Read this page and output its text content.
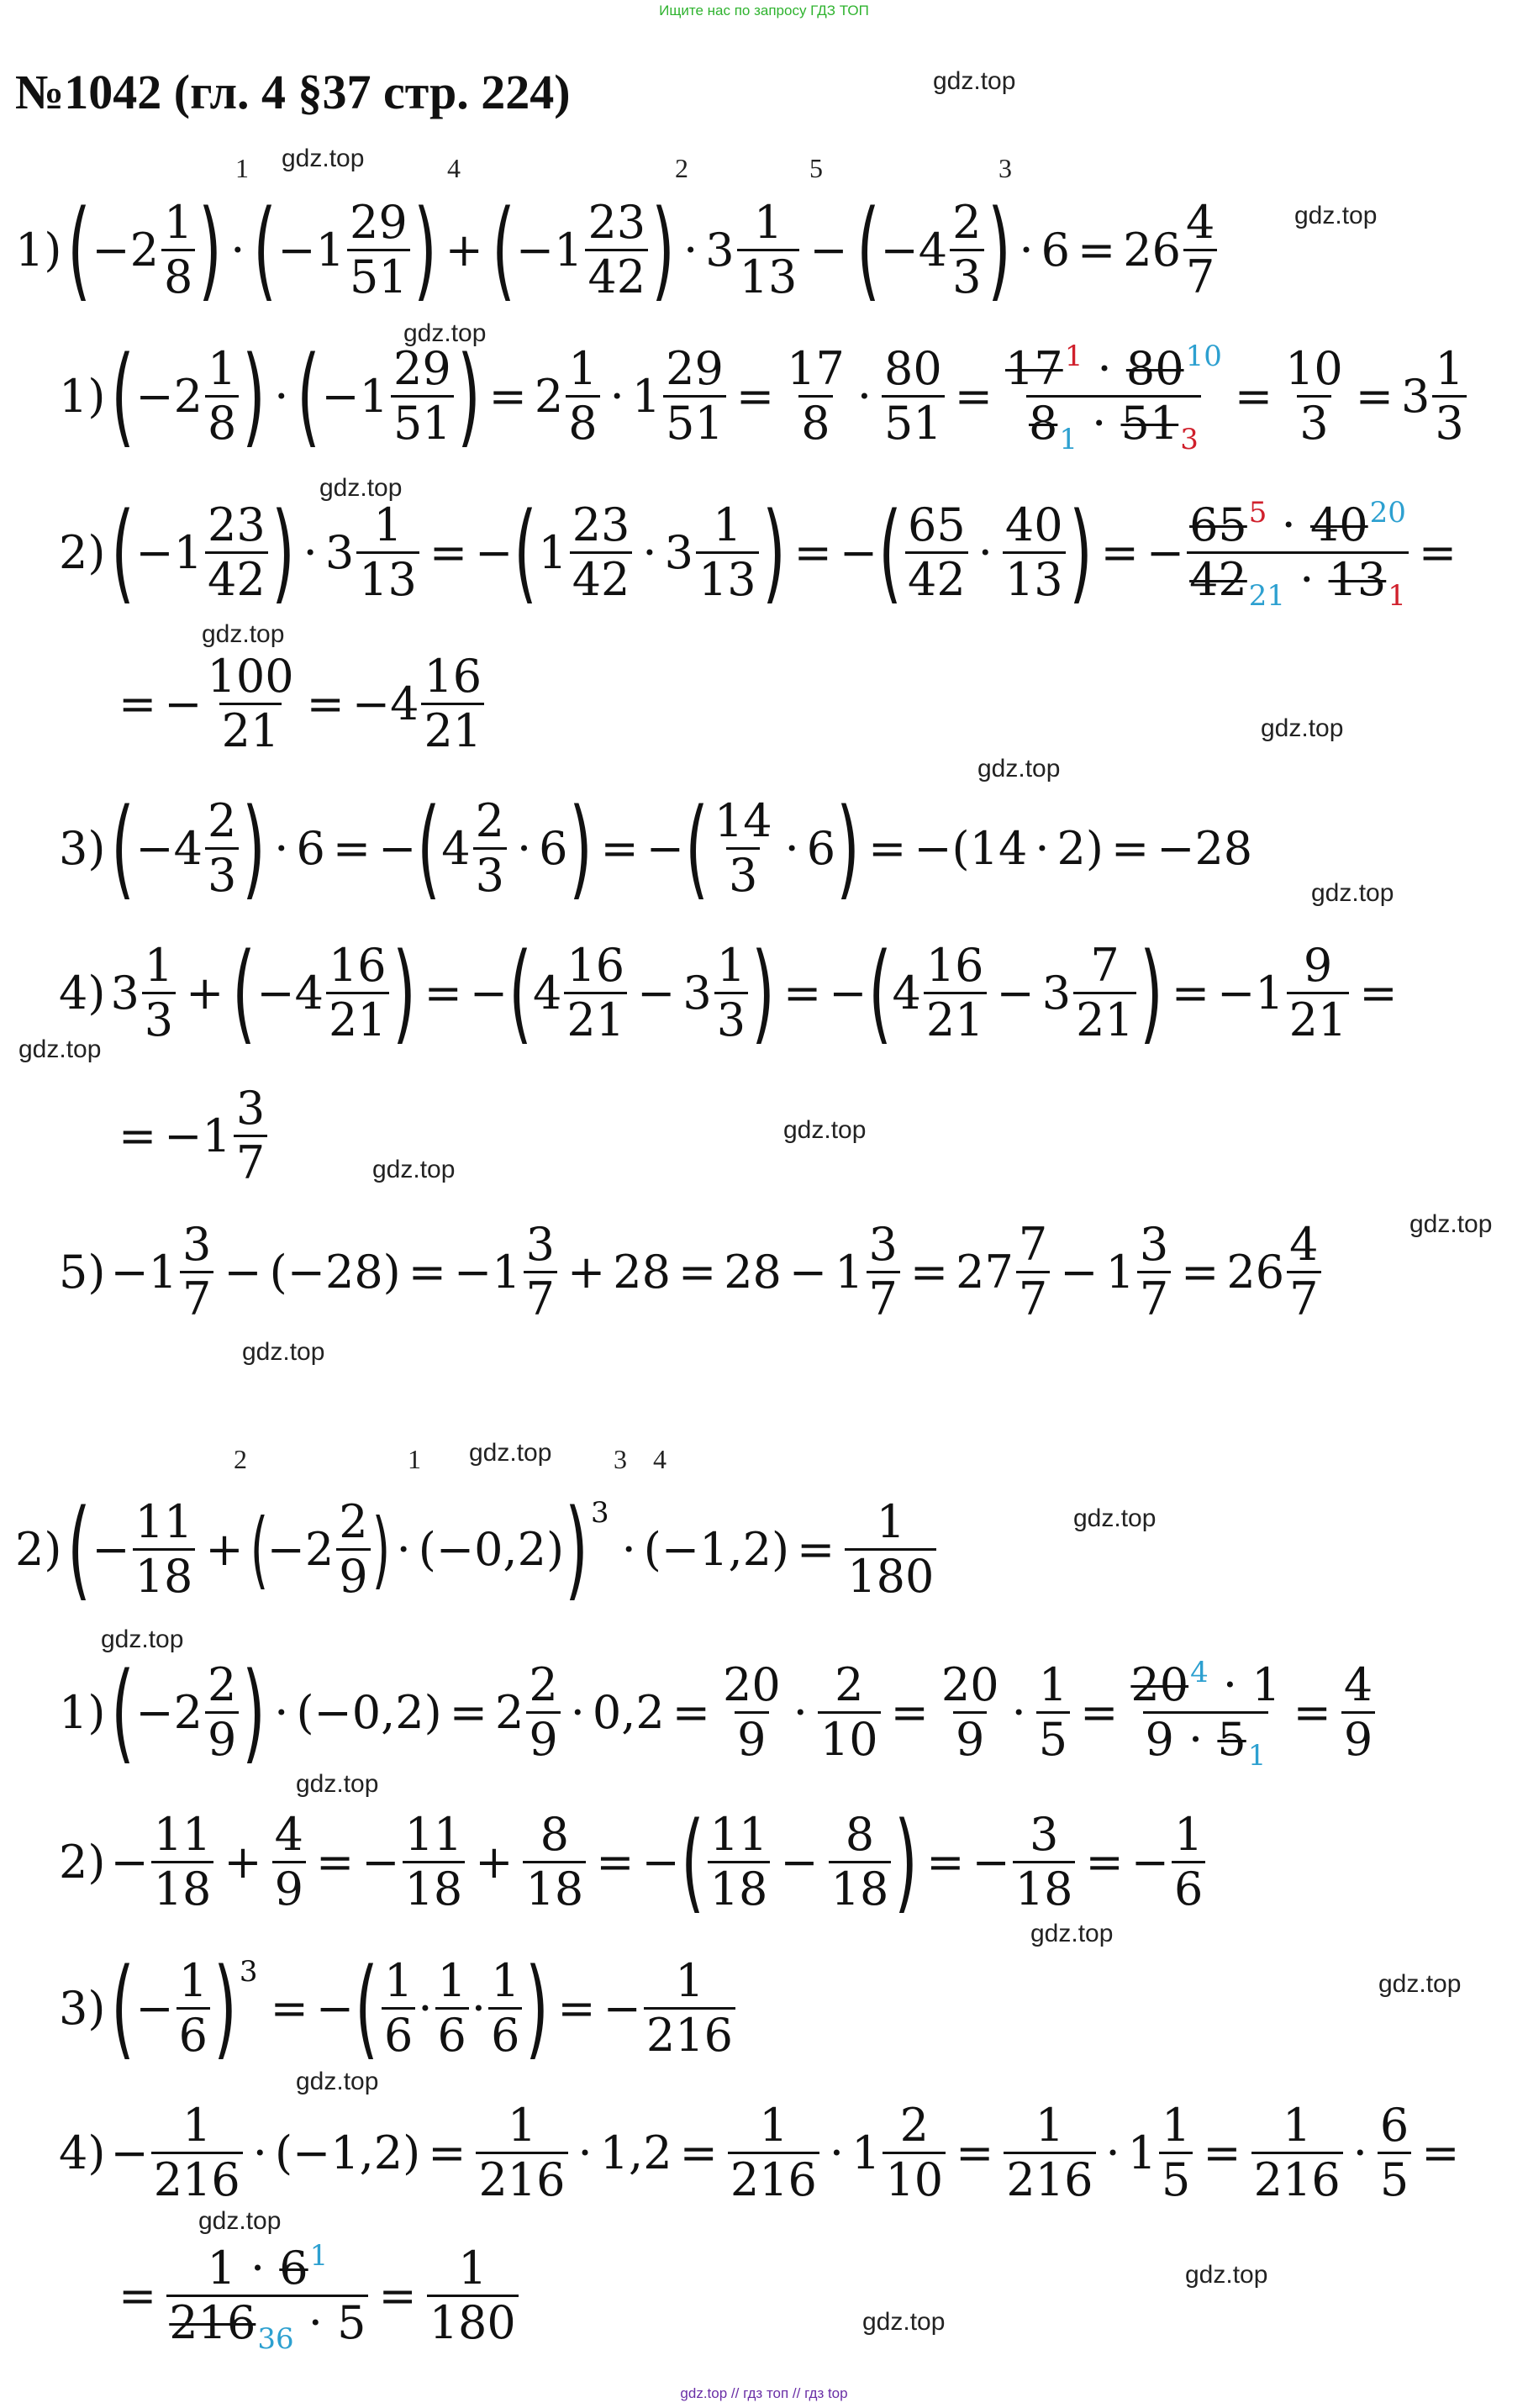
Ищите нас по запросу ГДЗ ТОП
№1042 (гл. 4 §37 стр. 224)	gdz.top
gdz.top
gdz.top
gdz.top
gdz.top
gdz.top
gdz.top
gdz.top
gdz.top
gdz.top
gdz.top
gdz.top
gdz.top
gdz.top
gdz.top
gdz.top
gdz.top
gdz.top
gdz.top
gdz.top
gdz.top
gdz.top
gdz.top
gdz.top
1	4	2	5	3
1) ( $-2 \frac{1}{8}$ ) · ( $-1 \frac{29}{51}$ ) + ( $-1 \frac{23}{42}$ ) · $3 \frac{1}{13}$ − ( $-4 \frac{2}{3}$ ) · $6 = 26 \frac{4}{7}$
1) ( $-2 \frac{1}{8}$ ) · ( $-1 \frac{29}{51}$ ) = $2 \frac{1}{8} \cdot 1 \frac{29}{51} = \frac{17}{8} \cdot \frac{80}{51} = \frac{17^1 \cdot 80^{10}}{8_1 \cdot 51_3} = \frac{10}{3} = 3 \frac{1}{3}$
2) ( $-1 \frac{23}{42}$ ) · $3 \frac{1}{13}$ = − ( $1 \frac{23}{42} \cdot 3 \frac{1}{13}$ ) = − ( $\frac{65}{42} \cdot \frac{40}{13}$ ) = − $\frac{65^5 \cdot 40^{20}}{42_{21} \cdot 13_1}$ =
= − $\frac{100}{21} = -4 \frac{16}{21}$
3) ( $-4 \frac{2}{3}$ ) · 6 = − ( $4 \frac{2}{3} \cdot 6$ ) = − ( $\frac{14}{3} \cdot 6$ ) = −(14 · 2) = −28
4) $3 \frac{1}{3}$ + ( $-4 \frac{16}{21}$ ) = − ( $4 \frac{16}{21} - 3 \frac{1}{3}$ ) = − ( $4 \frac{16}{21} - 3 \frac{7}{21}$ ) = $-1 \frac{9}{21}$ =
= $-1 \frac{3}{7}$
$5) -1 \frac{3}{7} - (-28) = -1 \frac{3}{7} + 28 = 28 - 1 \frac{3}{7} = 27 \frac{7}{7} - 1 \frac{3}{7} = 26 \frac{4}{7}$
2	1	3 4
2) ( − $\frac{11}{18}$ + (
$-2 \frac{2}{9}$ ) · (−0,2) ) 3
· $(-1,2) = \frac{1}{180}$
1) ( $-2 \frac{2}{9}$ ) · $(-0,2) = 2 \frac{2}{9} \cdot 0,2 = \frac{20}{9} \cdot \frac{2}{10} = \frac{20}{9} \cdot \frac{1}{5} = \frac{20^4 \cdot 1}{9 \cdot 5_1} = \frac{4}{9}$
$2) - \frac{11}{18} + \frac{4}{9}$ = − $\frac{11}{18} + \frac{8}{18}$ = − ( $\frac{11}{18} - \frac{8}{18}$ ) = − $\frac{3}{18}$ = − $\frac{1}{6}$
3) ( − $\frac{1}{6}$ ) 3
= − ( $\frac{1}{6} \cdot \frac{1}{6} \cdot \frac{1}{6}$ ) = − $\frac{1}{216}$
$4) - \frac{1}{216} \cdot (-1,2) = \frac{1}{216} \cdot 1,2 = \frac{1}{216} \cdot 1 \frac{2}{10} = \frac{1}{216} \cdot 1 \frac{1}{5} = \frac{1}{216} \cdot \frac{6}{5}$ =
= $\frac{1 \cdot 6^1}{216_{36} \cdot 5} = \frac{1}{180}$
gdz.top // гдз топ // гдз top
